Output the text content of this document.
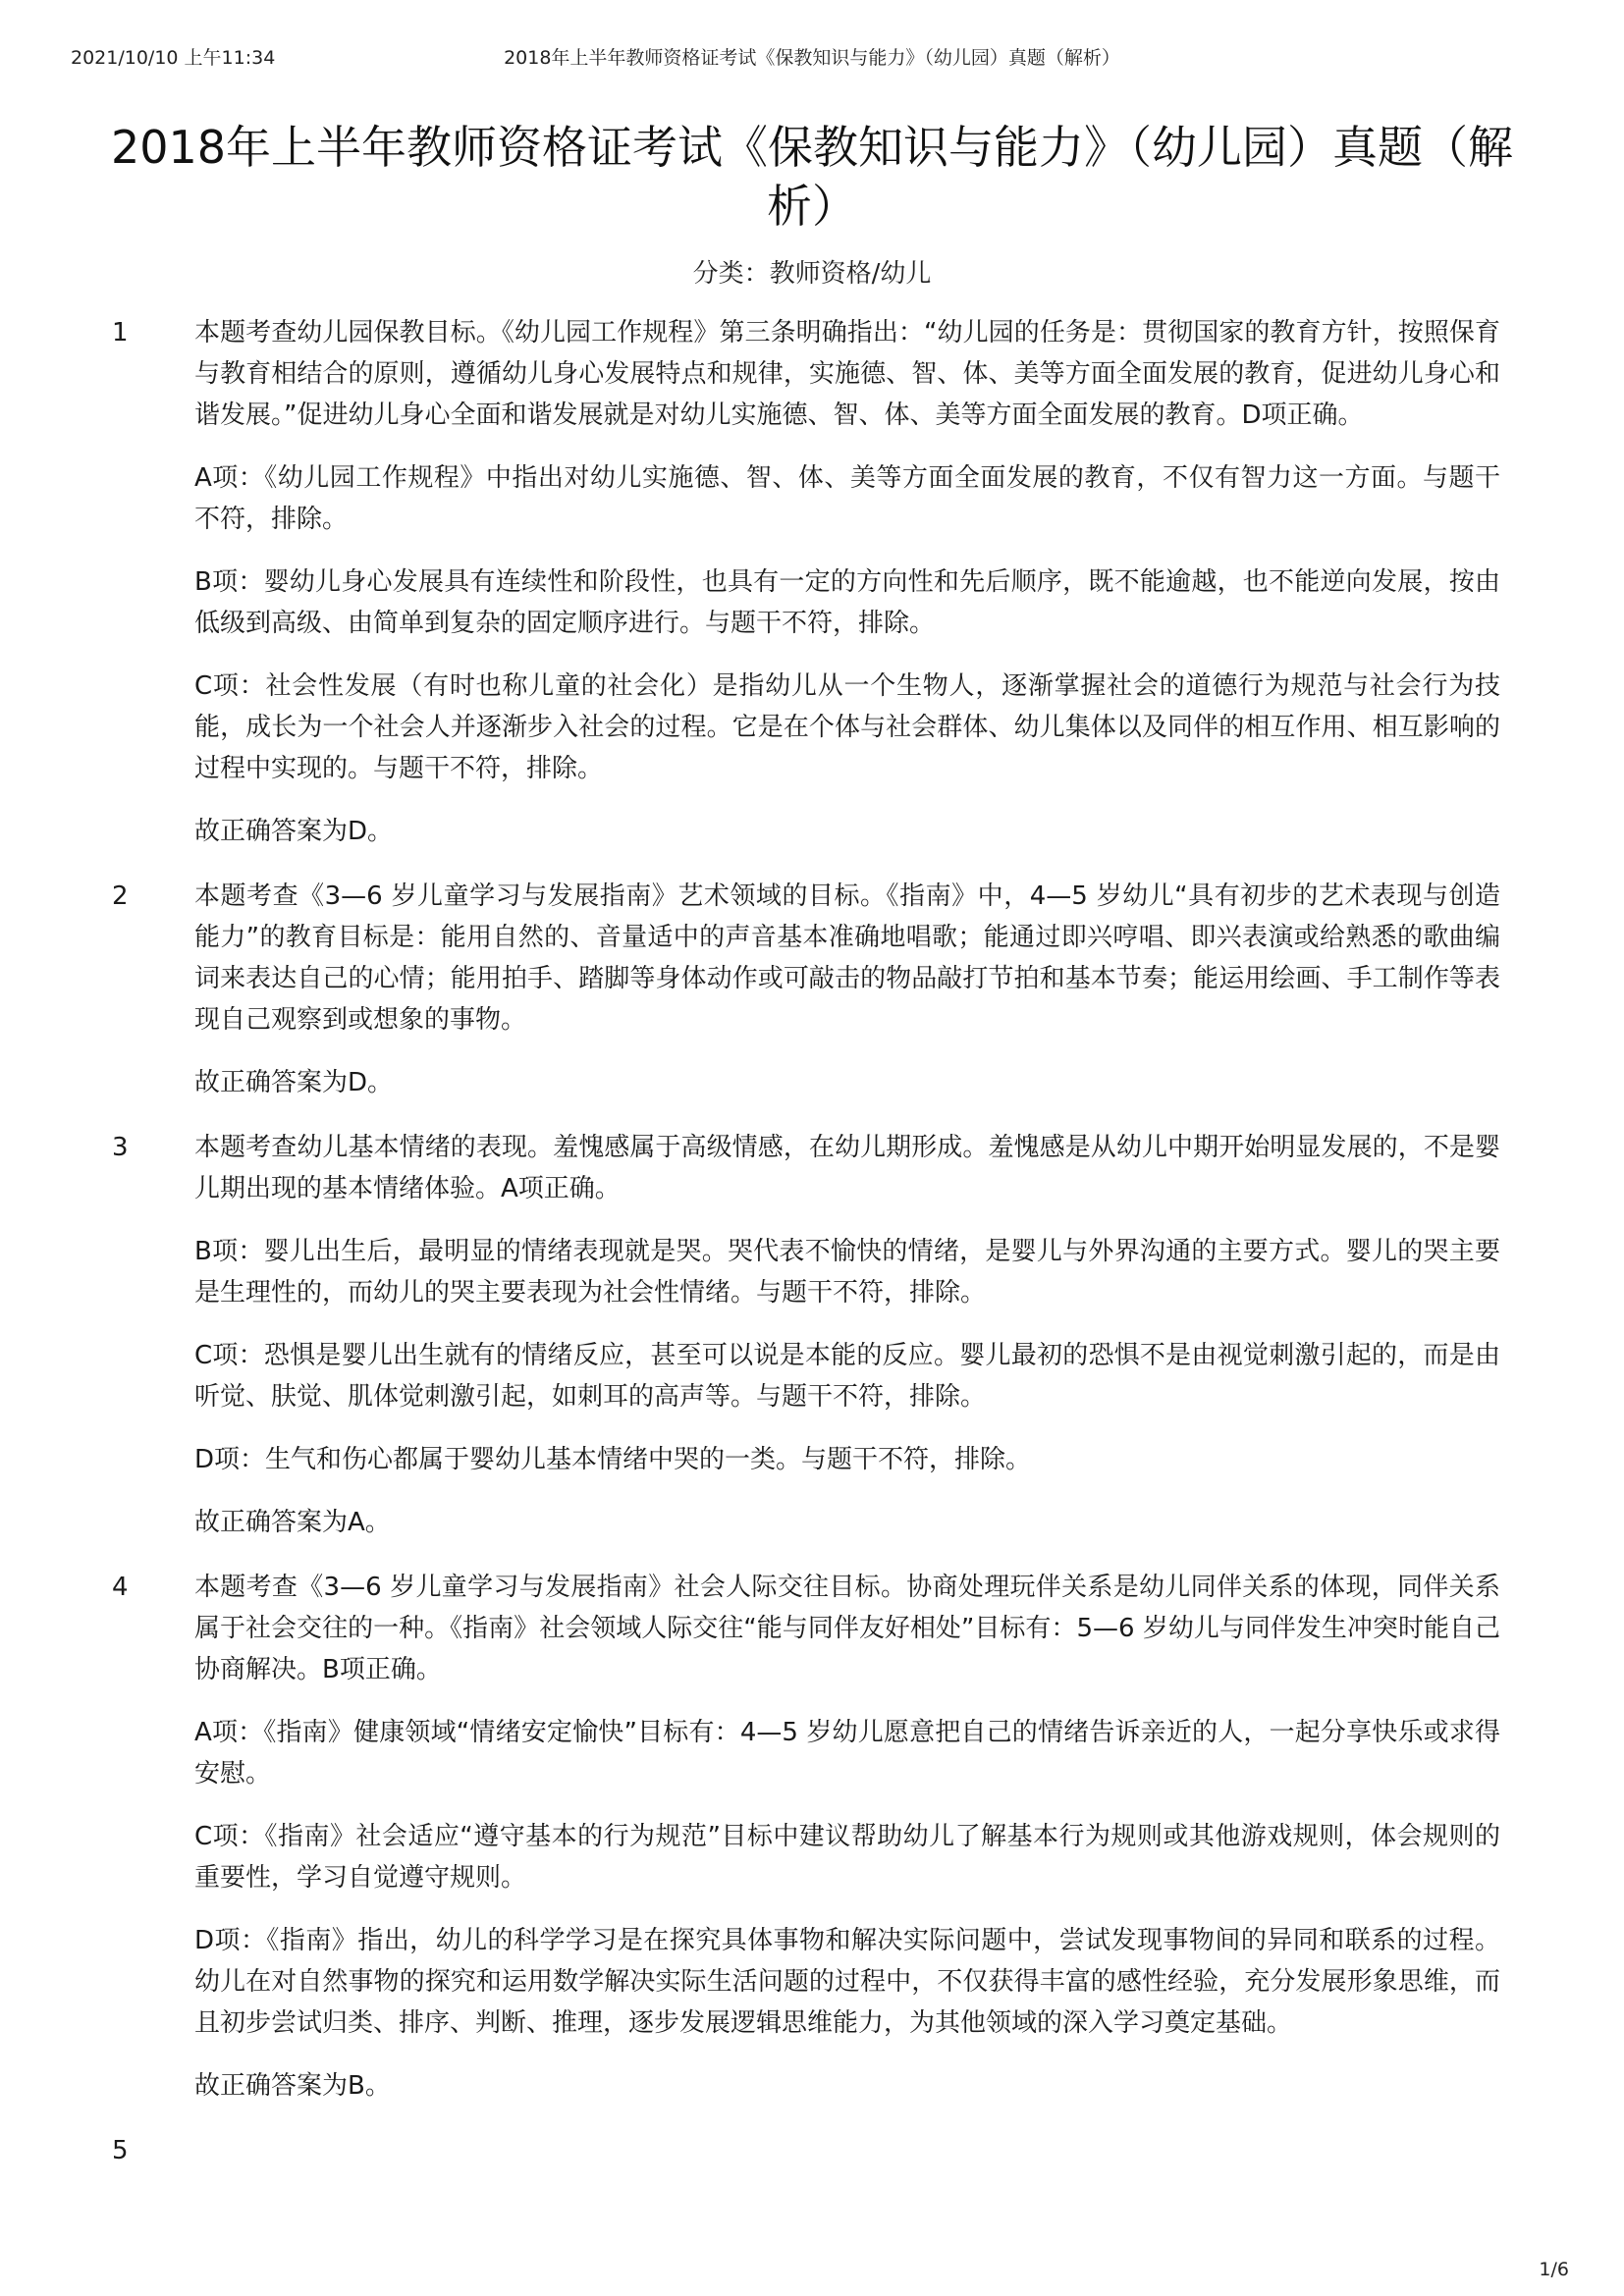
2021/10/10 上午11:34	2018年上半年教师资格证考试《保教知识与能力》（幼儿园）真题（解析）
2018年上半年教师资格证考试《保教知识与能力》（幼儿园）真题（解析）
分类：教师资格/幼儿
1	本题考查幼儿园保教目标。《幼儿园工作规程》第三条明确指出：“幼儿园的任务是：贯彻国家的教育方针，按照保育与教育相结合的原则，遵循幼儿身心发展特点和规律，实施德、智、体、美等方面全面发展的教育，促进幼儿身心和谐发展。”促进幼儿身心全面和谐发展就是对幼儿实施德、智、体、美等方面全面发展的教育。D项正确。

A项：《幼儿园工作规程》中指出对幼儿实施德、智、体、美等方面全面发展的教育，不仅有智力这一方面。与题干不符，排除。

B项：婴幼儿身心发展具有连续性和阶段性，也具有一定的方向性和先后顺序，既不能逾越，也不能逆向发展，按由低级到高级、由简单到复杂的固定顺序进行。与题干不符，排除。

C项：社会性发展（有时也称儿童的社会化）是指幼儿从一个生物人，逐渐掌握社会的道德行为规范与社会行为技能，成长为一个社会人并逐渐步入社会的过程。它是在个体与社会群体、幼儿集体以及同伴的相互作用、相互影响的过程中实现的。与题干不符，排除。

故正确答案为D。

2	本题考查《3—6 岁儿童学习与发展指南》艺术领域的目标。《指南》中，4—5 岁幼儿“具有初步的艺术表现与创造能力”的教育目标是：能用自然的、音量适中的声音基本准确地唱歌；能通过即兴哼唱、即兴表演或给熟悉的歌曲编词来表达自己的心情；能用拍手、踏脚等身体动作或可敲击的物品敲打节拍和基本节奏；能运用绘画、手工制作等表现自己观察到或想象的事物。

故正确答案为D。

3	本题考查幼儿基本情绪的表现。羞愧感属于高级情感，在幼儿期形成。羞愧感是从幼儿中期开始明显发展的，不是婴儿期出现的基本情绪体验。A项正确。

B项：婴儿出生后，最明显的情绪表现就是哭。哭代表不愉快的情绪，是婴儿与外界沟通的主要方式。婴儿的哭主要是生理性的，而幼儿的哭主要表现为社会性情绪。与题干不符，排除。

C项：恐惧是婴儿出生就有的情绪反应，甚至可以说是本能的反应。婴儿最初的恐惧不是由视觉刺激引起的，而是由听觉、肤觉、肌体觉刺激引起，如刺耳的高声等。与题干不符，排除。

D项：生气和伤心都属于婴幼儿基本情绪中哭的一类。与题干不符，排除。

故正确答案为A。

4	本题考查《3—6 岁儿童学习与发展指南》社会人际交往目标。协商处理玩伴关系是幼儿同伴关系的体现，同伴关系属于社会交往的一种。《指南》社会领域人际交往“能与同伴友好相处”目标有：5—6 岁幼儿与同伴发生冲突时能自己协商解决。B项正确。

A项：《指南》健康领域“情绪安定愉快”目标有：4—5 岁幼儿愿意把自己的情绪告诉亲近的人，一起分享快乐或求得安慰。

C项：《指南》社会适应“遵守基本的行为规范”目标中建议帮助幼儿了解基本行为规则或其他游戏规则，体会规则的重要性，学习自觉遵守规则。

D项：《指南》指出，幼儿的科学学习是在探究具体事物和解决实际问题中，尝试发现事物间的异同和联系的过程。幼儿在对自然事物的探究和运用数学解决实际生活问题的过程中，不仅获得丰富的感性经验，充分发展形象思维，而且初步尝试归类、排序、判断、推理，逐步发展逻辑思维能力，为其他领域的深入学习奠定基础。

故正确答案为B。

5
1/6
